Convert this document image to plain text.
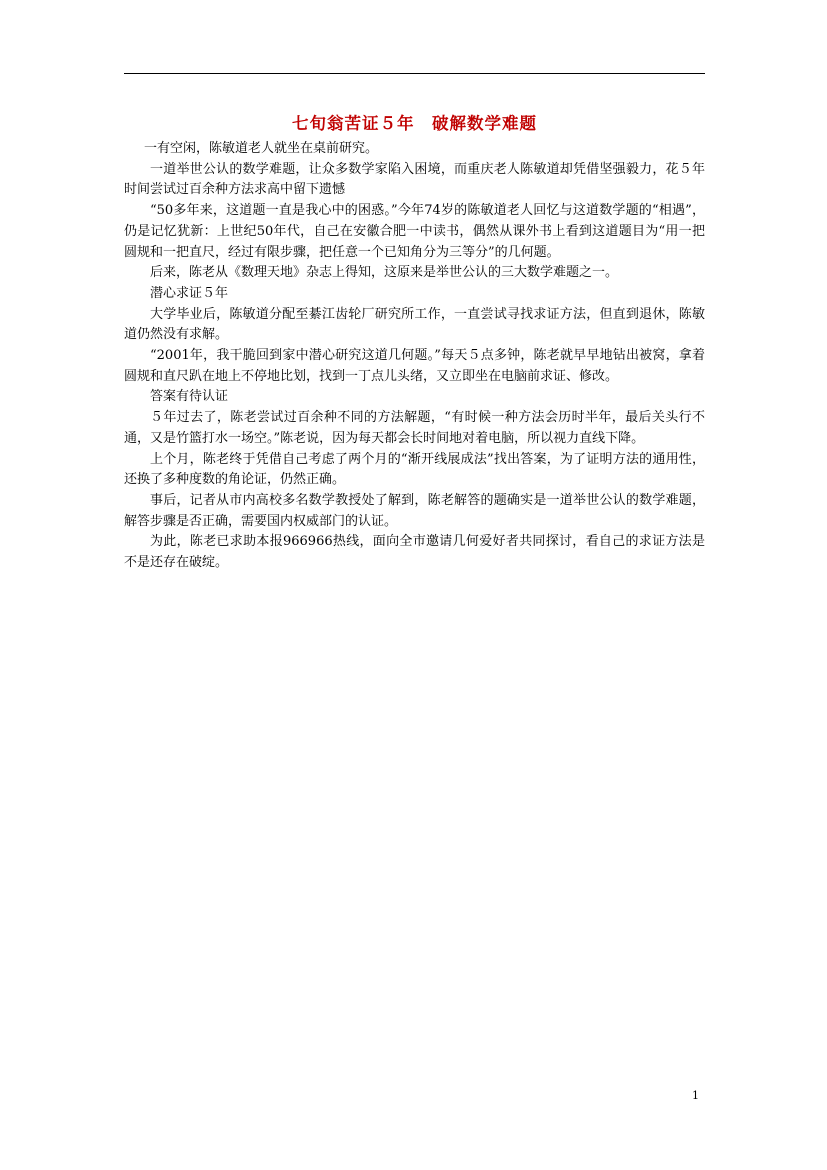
七旬翁苦证５年　破解数学难题

一有空闲，陈敏道老人就坐在桌前研究。

一道举世公认的数学难题，让众多数学家陷入困境，而重庆老人陈敏道却凭借坚强毅力，花５年时间尝试过百余种方法求高中留下遗憾

“50多年来，这道题一直是我心中的困惑。”今年74岁的陈敏道老人回忆与这道数学题的“相遇”，仍是记忆犹新：上世纪50年代，自己在安徽合肥一中读书，偶然从课外书上看到这道题目为“用一把圆规和一把直尺，经过有限步骤，把任意一个已知角分为三等分”的几何题。

后来，陈老从《数理天地》杂志上得知，这原来是举世公认的三大数学难题之一。

潜心求证５年

大学毕业后，陈敏道分配至綦江齿轮厂研究所工作，一直尝试寻找求证方法，但直到退休，陈敏道仍然没有求解。

“2001年，我干脆回到家中潜心研究这道几何题。”每天５点多钟，陈老就早早地钻出被窝，拿着圆规和直尺趴在地上不停地比划，找到一丁点儿头绪，又立即坐在电脑前求证、修改。

答案有待认证

５年过去了，陈老尝试过百余种不同的方法解题，“有时候一种方法会历时半年，最后关头行不通，又是竹篮打水一场空。”陈老说，因为每天都会长时间地对着电脑，所以视力直线下降。

上个月，陈老终于凭借自己考虑了两个月的“渐开线展成法”找出答案，为了证明方法的通用性，还换了多种度数的角论证，仍然正确。

事后，记者从市内高校多名数学教授处了解到，陈老解答的题确实是一道举世公认的数学难题，解答步骤是否正确，需要国内权威部门的认证。

为此，陈老已求助本报966966热线，面向全市邀请几何爱好者共同探讨，看自己的求证方法是不是还存在破绽。

1
